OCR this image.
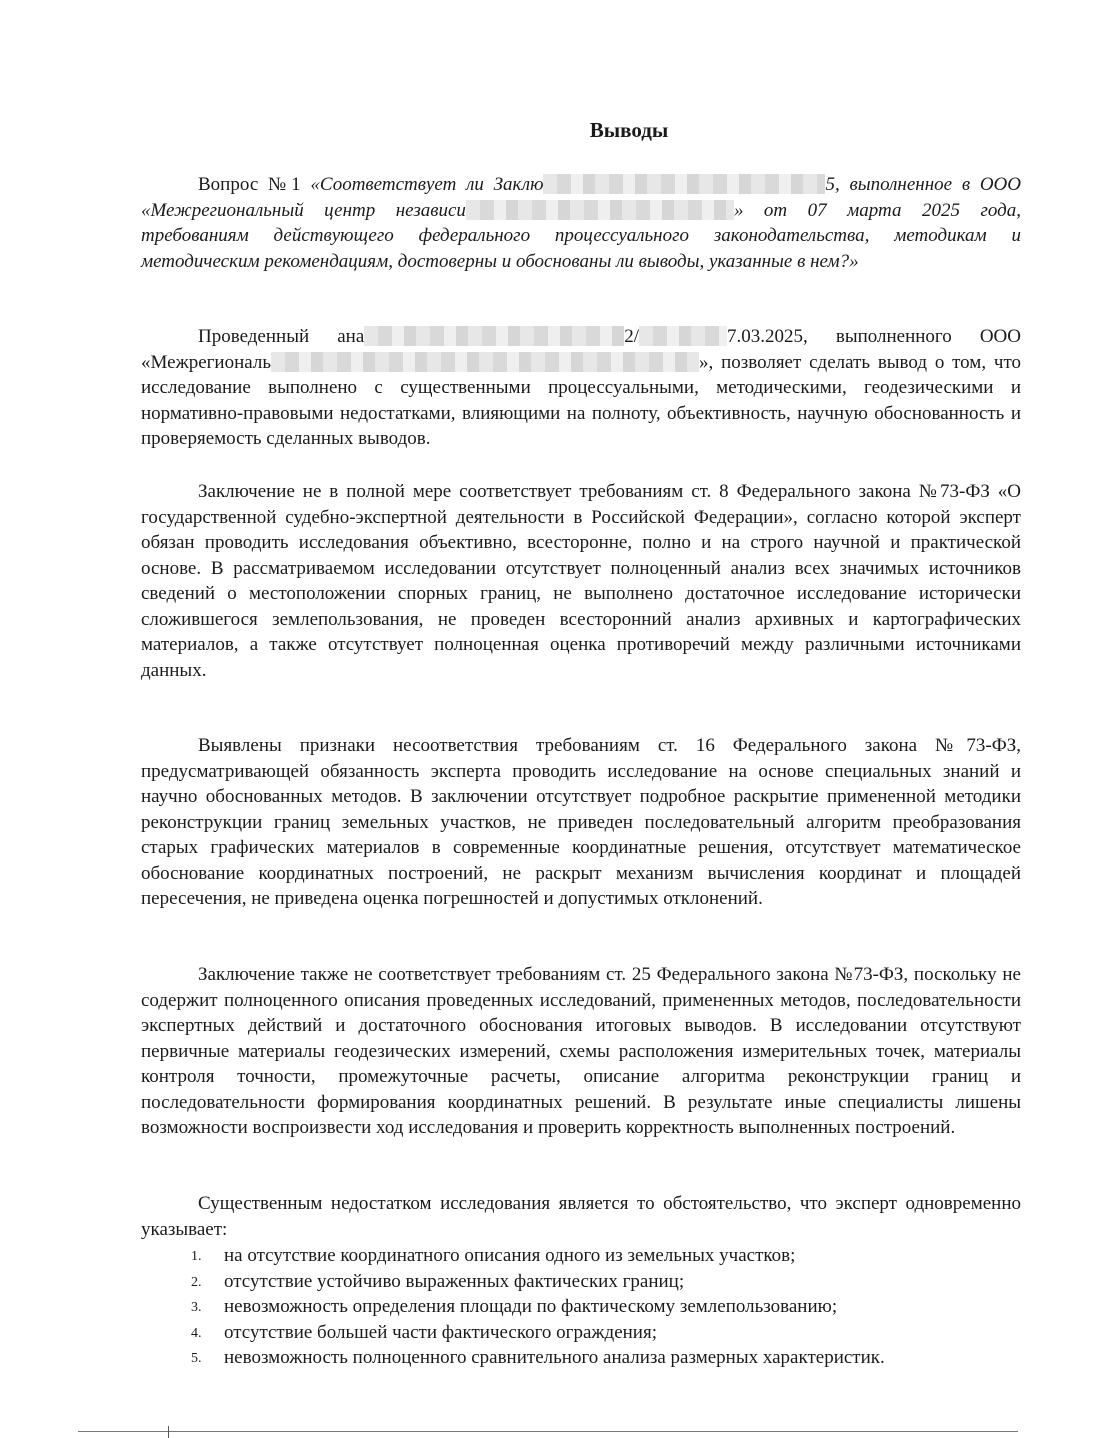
Выводы
Вопрос №1 «Соответствует ли Заклю	5, выполненное в ООО «Межрегиональный центр независи	» от 07 марта 2025 года, требованиям действующего федерального процессуального законодательства, методикам и методическим рекомендациям, достоверны и обоснованы ли выводы, указанные в нем?»
Проведенный ана	2/	7.03.2025, выполненного ООО «Межрегиональ	», позволяет сделать вывод о том, что исследование выполнено с существенными процессуальными, методическими, геодезическими и нормативно-правовыми недостатками, влияющими на полноту, объективность, научную обоснованность и проверяемость сделанных выводов.
Заключение не в полной мере соответствует требованиям ст. 8 Федерального закона №73-ФЗ «О государственной судебно-экспертной деятельности в Российской Федерации», согласно которой эксперт обязан проводить исследования объективно, всесторонне, полно и на строго научной и практической основе. В рассматриваемом исследовании отсутствует полноценный анализ всех значимых источников сведений о местоположении спорных границ, не выполнено достаточное исследование исторически сложившегося землепользования, не проведен всесторонний анализ архивных и картографических материалов, а также отсутствует полноценная оценка противоречий между различными источниками данных.
Выявлены признаки несоответствия требованиям ст. 16 Федерального закона №73-ФЗ, предусматривающей обязанность эксперта проводить исследование на основе специальных знаний и научно обоснованных методов. В заключении отсутствует подробное раскрытие примененной методики реконструкции границ земельных участков, не приведен последовательный алгоритм преобразования старых графических материалов в современные координатные решения, отсутствует математическое обоснование координатных построений, не раскрыт механизм вычисления координат и площадей пересечения, не приведена оценка погрешностей и допустимых отклонений.
Заключение также не соответствует требованиям ст. 25 Федерального закона №73-ФЗ, поскольку не содержит полноценного описания проведенных исследований, примененных методов, последовательности экспертных действий и достаточного обоснования итоговых выводов. В исследовании отсутствуют первичные материалы геодезических измерений, схемы расположения измерительных точек, материалы контроля точности, промежуточные расчеты, описание алгоритма реконструкции границ и последовательности формирования координатных решений. В результате иные специалисты лишены возможности воспроизвести ход исследования и проверить корректность выполненных построений.
Существенным недостатком исследования является то обстоятельство, что эксперт одновременно указывает:
1. на отсутствие координатного описания одного из земельных участков;
2. отсутствие устойчиво выраженных фактических границ;
3. невозможность определения площади по фактическому землепользованию;
4. отсутствие большей части фактического ограждения;
5. невозможность полноценного сравнительного анализа размерных характеристик.
